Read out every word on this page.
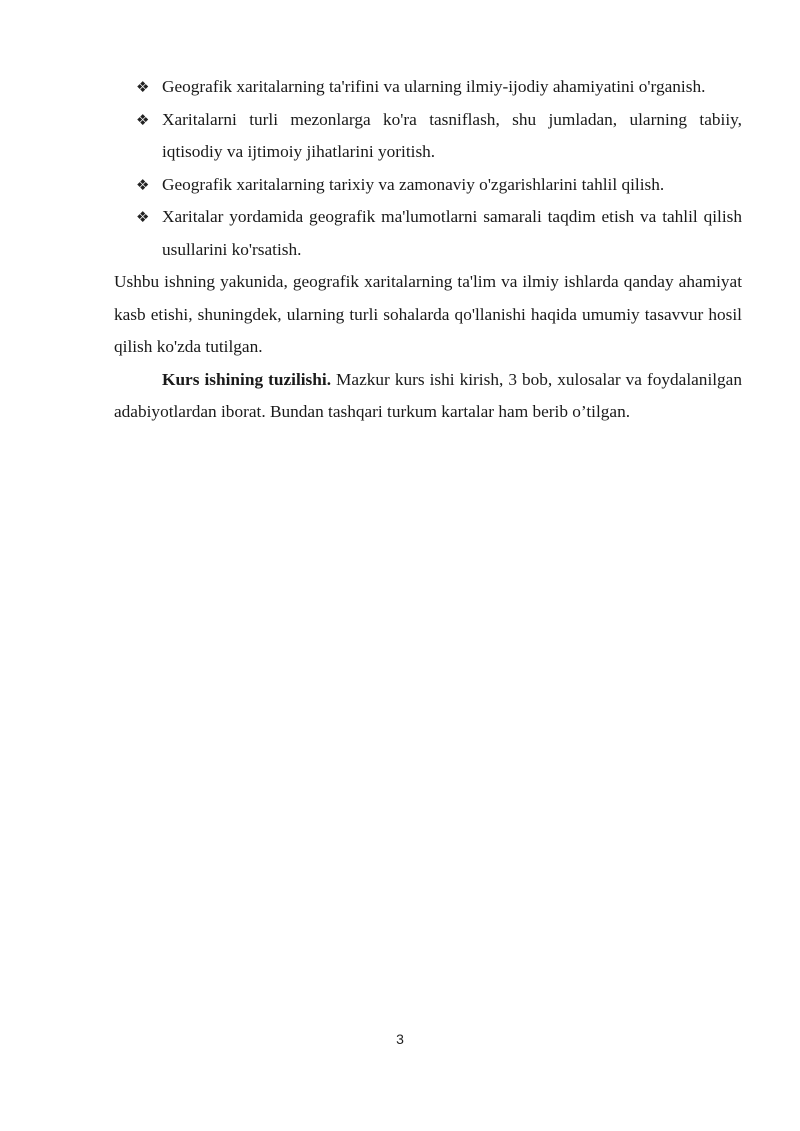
❖ Geografik xaritalarning ta'rifini va ularning ilmiy-ijodiy ahamiyatini o'rganish.
❖ Xaritalarni turli mezonlarga ko'ra tasniflash, shu jumladan, ularning tabiiy, iqtisodiy va ijtimoiy jihatlarini yoritish.
❖ Geografik xaritalarning tarixiy va zamonaviy o'zgarishlarini tahlil qilish.
❖ Xaritalar yordamida geografik ma'lumotlarni samarali taqdim etish va tahlil qilish usullarini ko'rsatish.

Ushbu ishning yakunida, geografik xaritalarning ta'lim va ilmiy ishlarda qanday ahamiyat kasb etishi, shuningdek, ularning turli sohalarda qo'llanishi haqida umumiy tasavvur hosil qilish ko'zda tutilgan.

Kurs ishining tuzilishi. Mazkur kurs ishi kirish, 3 bob, xulosalar va foydalanilgan adabiyotlardan iborat. Bundan tashqari turkum kartalar ham berib o’tilgan.

3
